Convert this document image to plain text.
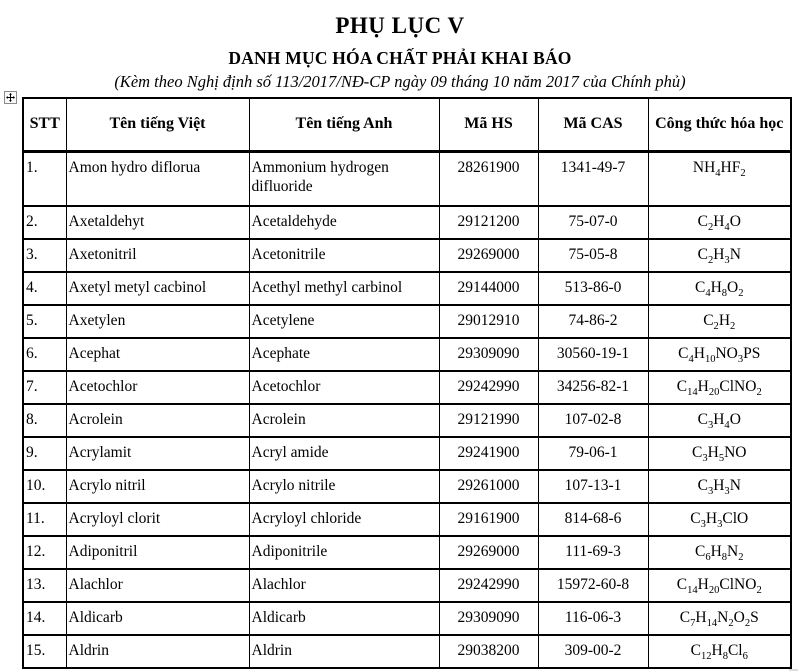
PHỤ LỤC V
DANH MỤC HÓA CHẤT PHẢI KHAI BÁO

(Kèm theo Nghị định số 113/2017/NĐ-CP ngày 09 tháng 10 năm 2017 của Chính phủ)

STT	Tên tiếng Việt	Tên tiếng Anh	Mã HS	Mã CAS	Công thức hóa học
1.	Amon hydro diflorua	Ammonium hydrogen difluoride	28261900	1341-49-7	$NH_4HF_2$
2.	Axetaldehyt	Acetaldehyde	29121200	75-07-0	$C_2H_4O$
3.	Axetonitril	Acetonitrile	29269000	75-05-8	$C_2H_3N$
4.	Axetyl metyl cacbinol	Acethyl methyl carbinol	29144000	513-86-0	$C_4H_8O_2$
5.	Axetylen	Acetylene	29012910	74-86-2	$C_2H_2$
6.	Acephat	Acephate	29309090	30560-19-1	$C_4H_{10}NO_3PS$
7.	Acetochlor	Acetochlor	29242990	34256-82-1	$C_{14}H_{20}ClNO_2$
8.	Acrolein	Acrolein	29121990	107-02-8	$C_3H_4O$
9.	Acrylamit	Acryl amide	29241900	79-06-1	$C_3H_5NO$
10.	Acrylo nitril	Acrylo nitrile	29261000	107-13-1	$C_3H_3N$
11.	Acryloyl clorit	Acryloyl chloride	29161900	814-68-6	$C_3H_3ClO$
12.	Adiponitril	Adiponitrile	29269000	111-69-3	$C_6H_8N_2$
13.	Alachlor	Alachlor	29242990	15972-60-8	$C_{14}H_{20}ClNO_2$
14.	Aldicarb	Aldicarb	29309090	116-06-3	$C_7H_{14}N_2O_2S$
15.	Aldrin	Aldrin	29038200	309-00-2	$C_{12}H_8Cl_6$
